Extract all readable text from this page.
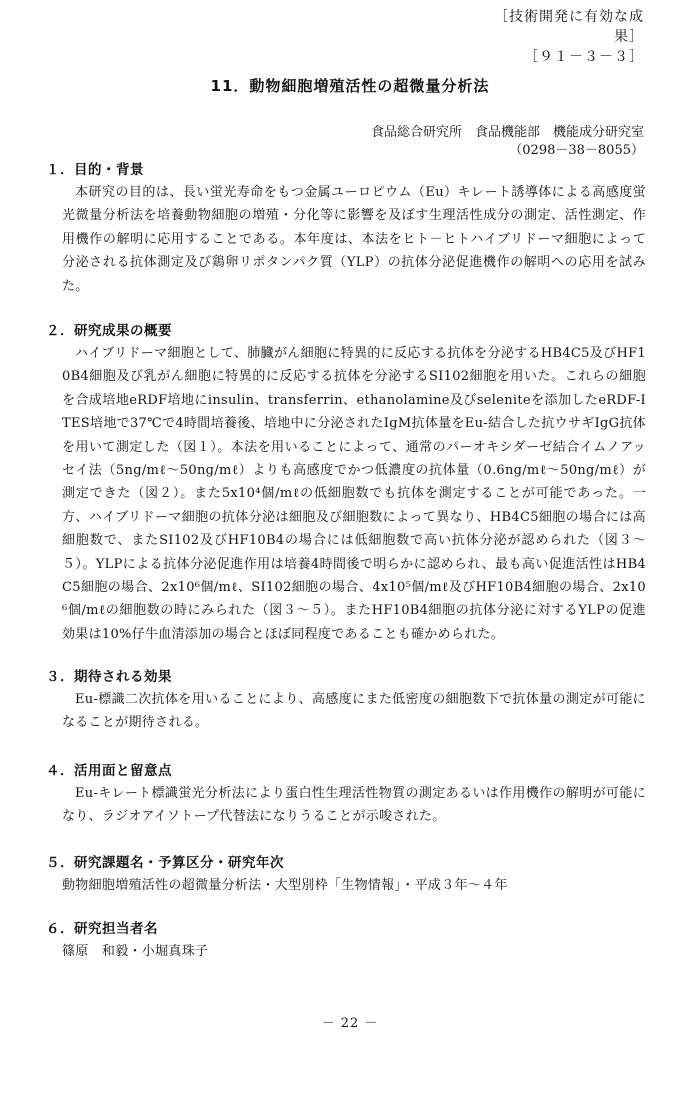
［技術開発に有効な成果］
［９１－３－３］
11．動物細胞増殖活性の超微量分析法
食品総合研究所　食品機能部　機能成分研究室
（0298－38－8055）
１．目的・背景

本研究の目的は、長い蛍光寿命をもつ金属ユーロピウム（Eu）キレート誘導体による高感度蛍光微量分析法を培養動物細胞の増殖・分化等に影響を及ぼす生理活性成分の測定、活性測定、作用機作の解明に応用することである。本年度は、本法をヒト－ヒトハイブリドーマ細胞によって分泌される抗体測定及び鶏卵リポタンパク質（YLP）の抗体分泌促進機作の解明への応用を試みた。

２．研究成果の概要

ハイブリドーマ細胞として、肺臓がん細胞に特異的に反応する抗体を分泌するHB4C5及びHF10B4細胞及び乳がん細胞に特異的に反応する抗体を分泌するSI102細胞を用いた。これらの細胞を合成培地eRDF培地にinsulin、transferrin、ethanolamine及びseleniteを添加したeRDF-ITES培地で37℃で4時間培養後、培地中に分泌されたIgM抗体量をEu-結合した抗ウサギIgG抗体を用いて測定した（図１）。本法を用いることによって、通常のパーオキシダーゼ結合イムノアッセイ法（5ng/mℓ～50ng/mℓ）よりも高感度でかつ低濃度の抗体量（0.6ng/mℓ～50ng/mℓ）が測定できた（図２）。また5x10⁴個/mℓの低細胞数でも抗体を測定することが可能であった。一方、ハイブリドーマ細胞の抗体分泌は細胞及び細胞数によって異なり、HB4C5細胞の場合には高細胞数で、またSI102及びHF10B4の場合には低細胞数で高い抗体分泌が認められた（図３～５）。YLPによる抗体分泌促進作用は培養4時間後で明らかに認められ、最も高い促進活性はHB4C5細胞の場合、2x10⁶個/mℓ、SI102細胞の場合、4x10⁵個/mℓ及びHF10B4細胞の場合、2x10⁶個/mℓの細胞数の時にみられた（図３～５）。またHF10B4細胞の抗体分泌に対するYLPの促進効果は10%仔牛血清添加の場合とほぼ同程度であることも確かめられた。

３．期待される効果

Eu-標識二次抗体を用いることにより、高感度にまた低密度の細胞数下で抗体量の測定が可能になることが期待される。

４．活用面と留意点

Eu-キレート標識蛍光分析法により蛋白性生理活性物質の測定あるいは作用機作の解明が可能になり、ラジオアイソトープ代替法になりうることが示唆された。

５．研究課題名・予算区分・研究年次

動物細胞増殖活性の超微量分析法・大型別枠「生物情報」・平成３年～４年

６．研究担当者名

篠原　和毅・小堀真珠子

－ 22 －
